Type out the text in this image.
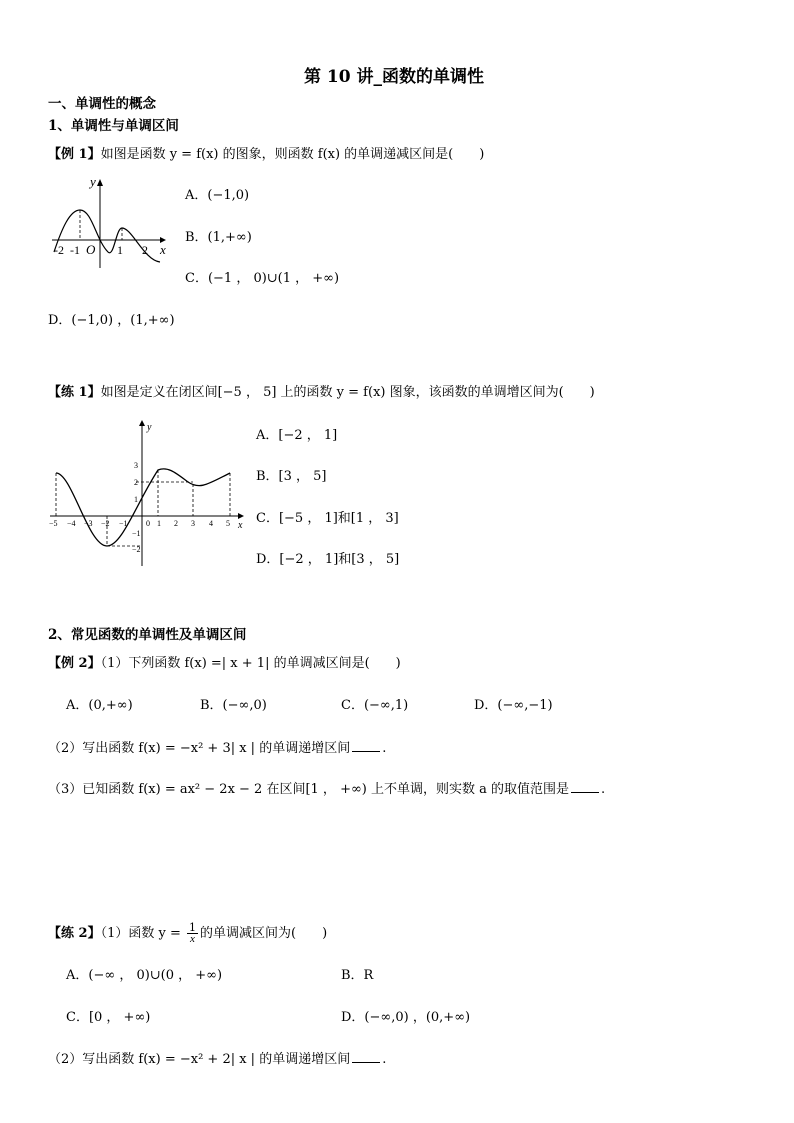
第 10 讲_函数的单调性
一、单调性的概念
1、单调性与单调区间
【例 1】如图是函数 y = f(x) 的图象，则函数 f(x) 的单调递减区间是(　　)
y
x
O
-2 -1	1 2
A．(−1,0)
B．(1,+∞)
C．(−1 ， 0)∪(1 ， +∞)
D．(−1,0) ，(1,+∞)
【练 1】如图是定义在闭区间[−5 ， 5] 上的函数 y = f(x) 图象，该函数的单调增区间为(　　)
y
x
0
−5 −4 −3 −2 −1	1 2 3 4 5
3
2
1
−1
−2
A．[−2 ， 1]
B．[3 ， 5]
C．[−5 ， 1]和[1 ， 3]
D．[−2 ， 1]和[3 ， 5]
2、常见函数的单调性及单调区间
【例 2】（1）下列函数 f(x) =| x + 1| 的单调减区间是(　　)
A．(0,+∞)	B．(−∞,0)	C．(−∞,1)	D．(−∞,−1)
（2）写出函数 f(x) = −x² + 3| x | 的单调递增区间 .
（3）已知函数 f(x) = ax² − 2x − 2 在区间[1 ， +∞) 上不单调，则实数 a 的取值范围是 .
【练 2】（1）函数 $y = \frac{1}{x}$ 的单调减区间为(　　)
A．(−∞ ， 0)∪(0 ， +∞)	B．R
C．[0 ， +∞)	D．(−∞,0) ，(0,+∞)
（2）写出函数 f(x) = −x² + 2| x | 的单调递增区间 .
